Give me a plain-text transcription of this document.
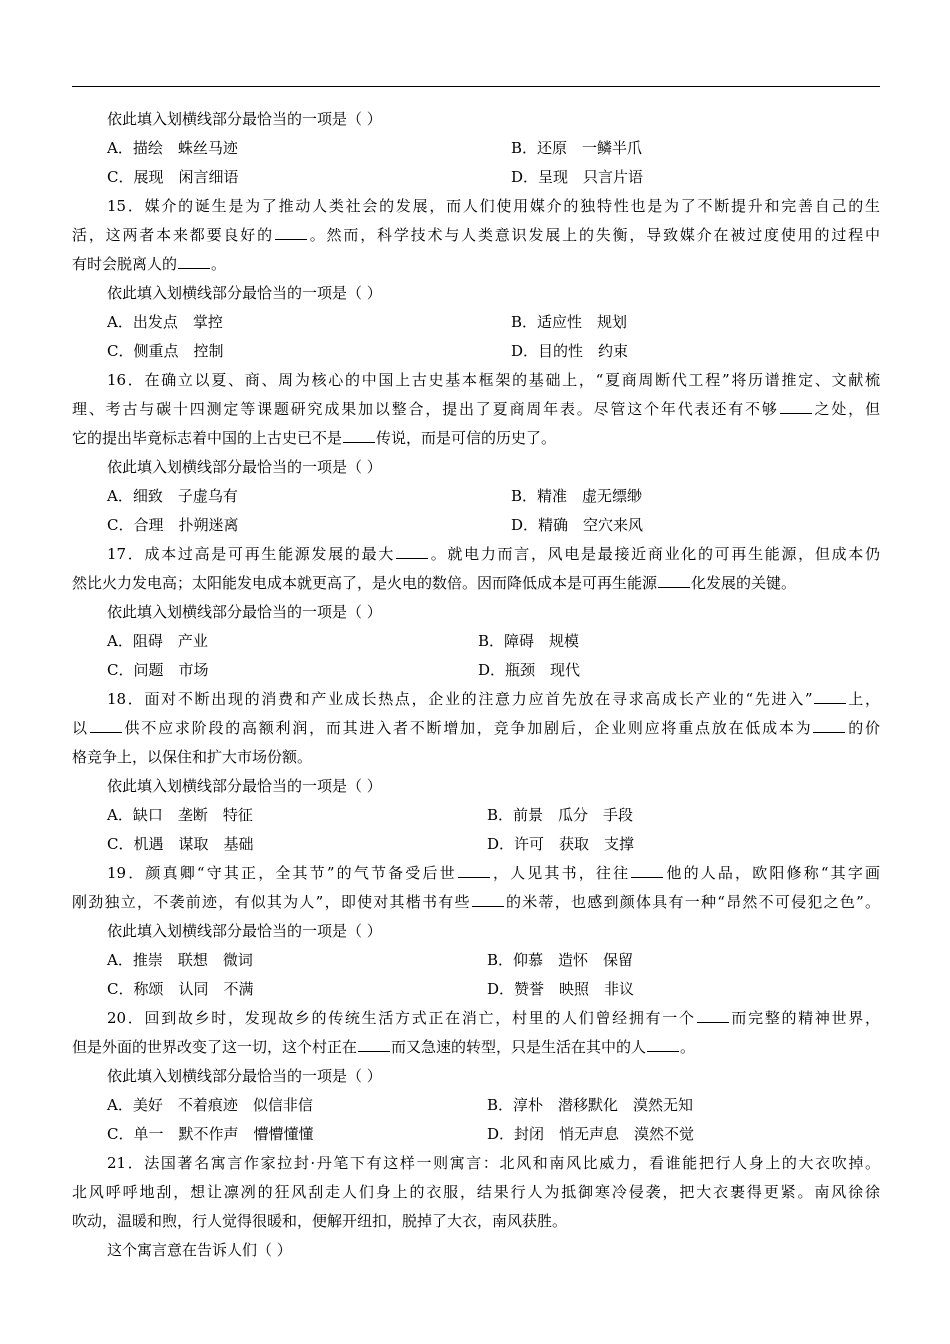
依此填入划横线部分最恰当的一项是（ ）

A．描绘　蛛丝马迹	B．还原　一鳞半爪
C．展现　闲言细语	D．呈现　只言片语

15．媒介的诞生是为了推动人类社会的发展，而人们使用媒介的独特性也是为了不断提升和完善自己的生

活，这两者本来都要良好的 。然而，科学技术与人类意识发展上的失衡，导致媒介在被过度使用的过程中

有时会脱离人的 。

依此填入划横线部分最恰当的一项是（ ）

A．出发点　掌控	B．适应性　规划
C．侧重点　控制	D．目的性　约束

16．在确立以夏、商、周为核心的中国上古史基本框架的基础上，“夏商周断代工程”将历谱推定、文献梳

理、考古与碳十四测定等课题研究成果加以整合，提出了夏商周年表。尽管这个年代表还有不够 之处，但

它的提出毕竟标志着中国的上古史已不是 传说，而是可信的历史了。

依此填入划横线部分最恰当的一项是（ ）

A．细致　子虚乌有	B．精准　虚无缥缈
C．合理　扑朔迷离	D．精确　空穴来风

17．成本过高是可再生能源发展的最大 。就电力而言，风电是最接近商业化的可再生能源，但成本仍

然比火力发电高；太阳能发电成本就更高了，是火电的数倍。因而降低成本是可再生能源 化发展的关键。

依此填入划横线部分最恰当的一项是（ ）

A．阻碍　产业	B．障碍　规模
C．问题　市场	D．瓶颈　现代

18．面对不断出现的消费和产业成长热点，企业的注意力应首先放在寻求高成长产业的“先进入” 上，

以 供不应求阶段的高额利润，而其进入者不断增加，竞争加剧后，企业则应将重点放在低成本为 的价

格竞争上，以保住和扩大市场份额。

依此填入划横线部分最恰当的一项是（ ）

A．缺口　垄断　特征	B．前景　瓜分　手段
C．机遇　谋取　基础	D．许可　获取　支撑

19．颜真卿“守其正，全其节”的气节备受后世 ，人见其书，往往 他的人品，欧阳修称“其字画

刚劲独立，不袭前迹，有似其为人”，即使对其楷书有些 的米蒂，也感到颜体具有一种“昂然不可侵犯之色”。

依此填入划横线部分最恰当的一项是（ ）

A．推崇　联想　微词	B．仰慕　造怀　保留
C．称颂　认同　不满	D．赞誉　映照　非议

20．回到故乡时，发现故乡的传统生活方式正在消亡，村里的人们曾经拥有一个 而完整的精神世界，

但是外面的世界改变了这一切，这个村正在 而又急速的转型，只是生活在其中的人 。

依此填入划横线部分最恰当的一项是（ ）

A．美好　不着痕迹　似信非信	B．淳朴　潜移默化　漠然无知
C．单一　默不作声　懵懵懂懂	D．封闭　悄无声息　漠然不觉

21．法国著名寓言作家拉封·丹笔下有这样一则寓言：北风和南风比威力，看谁能把行人身上的大衣吹掉。

北风呼呼地刮，想让凛冽的狂风刮走人们身上的衣服，结果行人为抵御寒冷侵袭，把大衣裹得更紧。南风徐徐

吹动，温暖和煦，行人觉得很暖和，便解开纽扣，脱掉了大衣，南风获胜。

这个寓言意在告诉人们（ ）
